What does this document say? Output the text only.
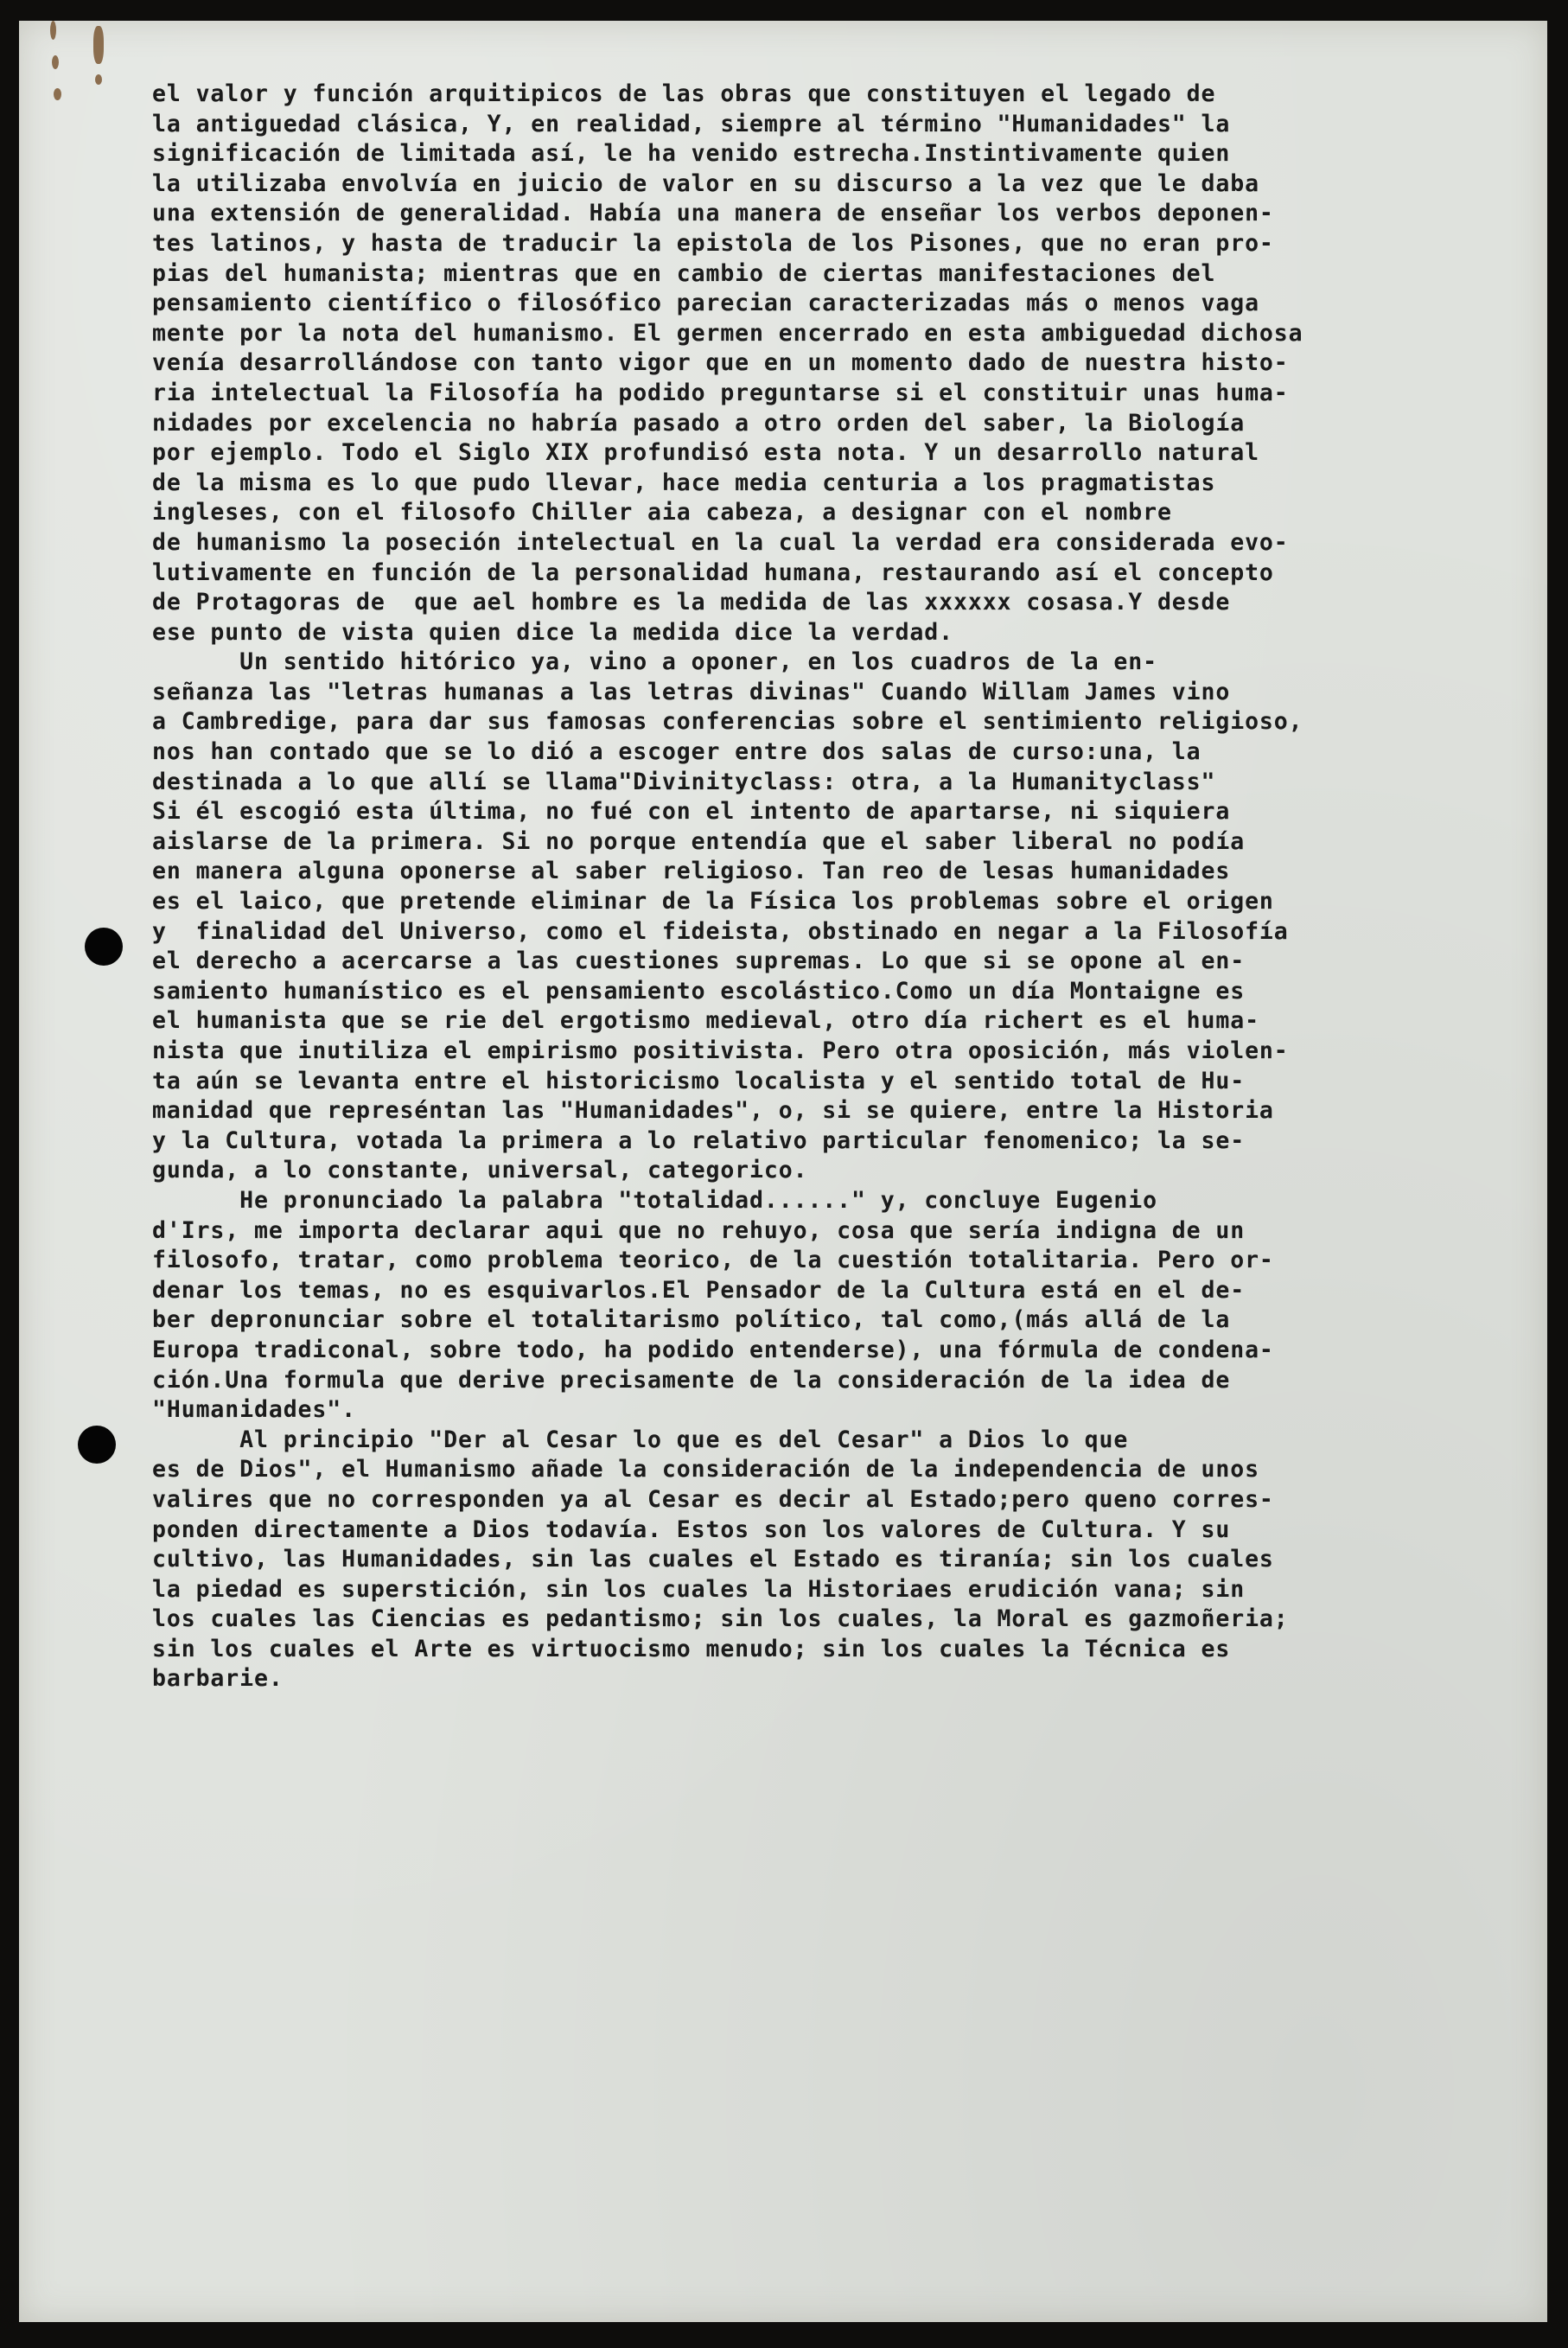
el valor y función arquitipicos de las obras que constituyen el legado de
la antiguedad clásica, Y, en realidad, siempre al término "Humanidades" la
significación de limitada así, le ha venido estrecha.Instintivamente quien
la utilizaba envolvía en juicio de valor en su discurso a la vez que le daba
una extensión de generalidad. Había una manera de enseñar los verbos deponen-
tes latinos, y hasta de traducir la epistola de los Pisones, que no eran pro-
pias del humanista; mientras que en cambio de ciertas manifestaciones del
pensamiento científico o filosófico parecian caracterizadas más o menos vaga
mente por la nota del humanismo. El germen encerrado en esta ambiguedad dichosa
venía desarrollándose con tanto vigor que en un momento dado de nuestra histo-
ria intelectual la Filosofía ha podido preguntarse si el constituir unas huma-
nidades por excelencia no habría pasado a otro orden del saber, la Biología
por ejemplo. Todo el Siglo XIX profundisó esta nota. Y un desarrollo natural
de la misma es lo que pudo llevar, hace media centuria a los pragmatistas
ingleses, con el filosofo Chiller aia cabeza, a designar con el nombre
de humanismo la poseción intelectual en la cual la verdad era considerada evo-
lutivamente en función de la personalidad humana, restaurando así el concepto
de Protagoras de  que ael hombre es la medida de las xxxxxx cosasa.Y desde
ese punto de vista quien dice la medida dice la verdad.
Un sentido hitórico ya, vino a oponer, en los cuadros de la en-
señanza las "letras humanas a las letras divinas" Cuando Willam James vino
a Cambredige, para dar sus famosas conferencias sobre el sentimiento religioso,
nos han contado que se lo dió a escoger entre dos salas de curso:una, la
destinada a lo que allí se llama"Divinityclass: otra, a la Humanityclass"
Si él escogió esta última, no fué con el intento de apartarse, ni siquiera
aislarse de la primera. Si no porque entendía que el saber liberal no podía
en manera alguna oponerse al saber religioso. Tan reo de lesas humanidades
es el laico, que pretende eliminar de la Física los problemas sobre el origen
y  finalidad del Universo, como el fideista, obstinado en negar a la Filosofía
el derecho a acercarse a las cuestiones supremas. Lo que si se opone al en-
samiento humanístico es el pensamiento escolástico.Como un día Montaigne es
el humanista que se rie del ergotismo medieval, otro día richert es el huma-
nista que inutiliza el empirismo positivista. Pero otra oposición, más violen-
ta aún se levanta entre el historicismo localista y el sentido total de Hu-
manidad que represéntan las "Humanidades", o, si se quiere, entre la Historia
y la Cultura, votada la primera a lo relativo particular fenomenico; la se-
gunda, a lo constante, universal, categorico.
He pronunciado la palabra "totalidad......" y, concluye Eugenio
d'Irs, me importa declarar aqui que no rehuyo, cosa que sería indigna de un
filosofo, tratar, como problema teorico, de la cuestión totalitaria. Pero or-
denar los temas, no es esquivarlos.El Pensador de la Cultura está en el de-
ber depronunciar sobre el totalitarismo político, tal como,(más allá de la
Europa tradiconal, sobre todo, ha podido entenderse), una fórmula de condena-
ción.Una formula que derive precisamente de la consideración de la idea de
"Humanidades".
Al principio "Der al Cesar lo que es del Cesar" a Dios lo que
es de Dios", el Humanismo añade la consideración de la independencia de unos
valires que no corresponden ya al Cesar es decir al Estado;pero queno corres-
ponden directamente a Dios todavía. Estos son los valores de Cultura. Y su
cultivo, las Humanidades, sin las cuales el Estado es tiranía; sin los cuales
la piedad es superstición, sin los cuales la Historiaes erudición vana; sin
los cuales las Ciencias es pedantismo; sin los cuales, la Moral es gazmoñeria;
sin los cuales el Arte es virtuocismo menudo; sin los cuales la Técnica es
barbarie.
